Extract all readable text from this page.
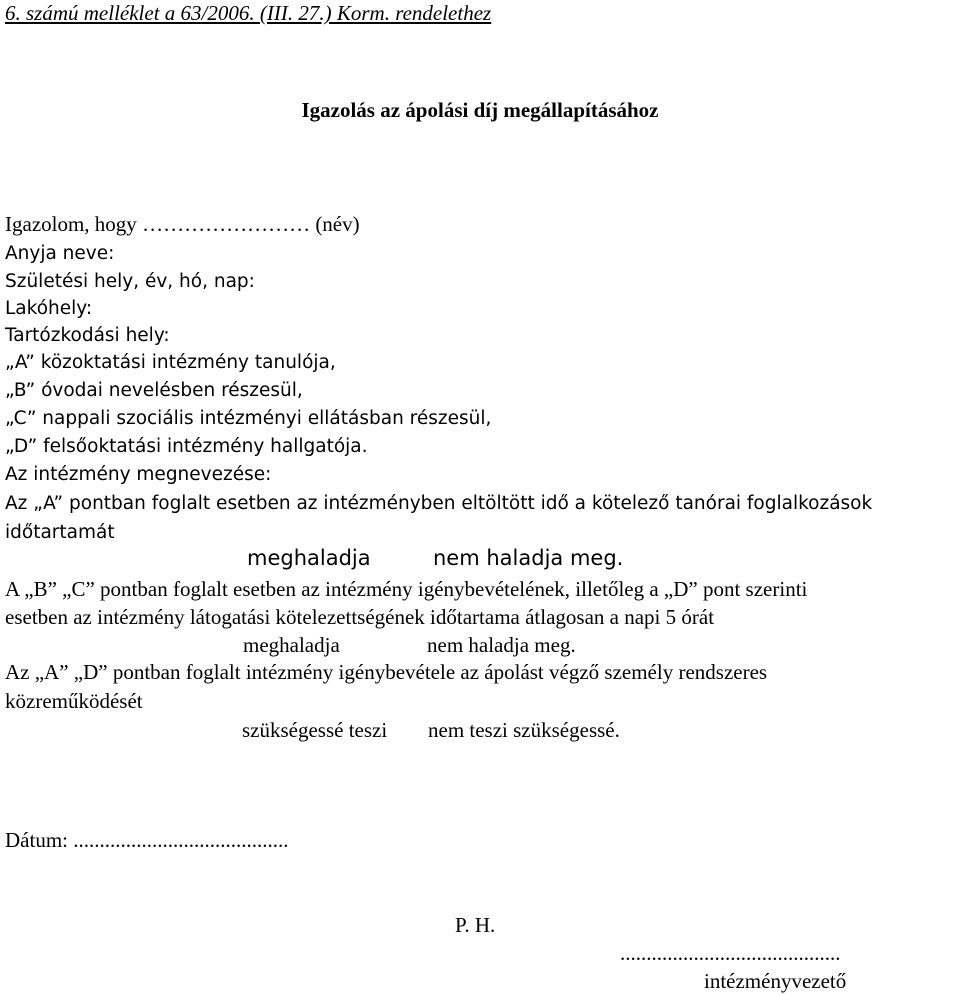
6. számú melléklet a 63/2006. (III. 27.) Korm. rendelethez
Igazolás az ápolási díj megállapításához
Igazolom, hogy …………………… (név)
Anyja neve:
Születési hely, év, hó, nap:
Lakóhely:
Tartózkodási hely:
„A” közoktatási intézmény tanulója,
„B” óvodai nevelésben részesül,
„C” nappali szociális intézményi ellátásban részesül,
„D” felsőoktatási intézmény hallgatója.
Az intézmény megnevezése:
Az „A” pontban foglalt esetben az intézményben eltöltött idő a kötelező tanórai foglalkozások
időtartamát
meghaladja	nem haladja meg.
A „B” „C” pontban foglalt esetben az intézmény igénybevételének, illetőleg a „D” pont szerinti
esetben az intézmény látogatási kötelezettségének időtartama átlagosan a napi 5 órát
meghaladja	nem haladja meg.
Az „A” „D” pontban foglalt intézmény igénybevétele az ápolást végző személy rendszeres
közreműködését
szükségessé teszi nem teszi szükségessé.
Dátum: .........................................
P. H.
..........................................
intézményvezető
